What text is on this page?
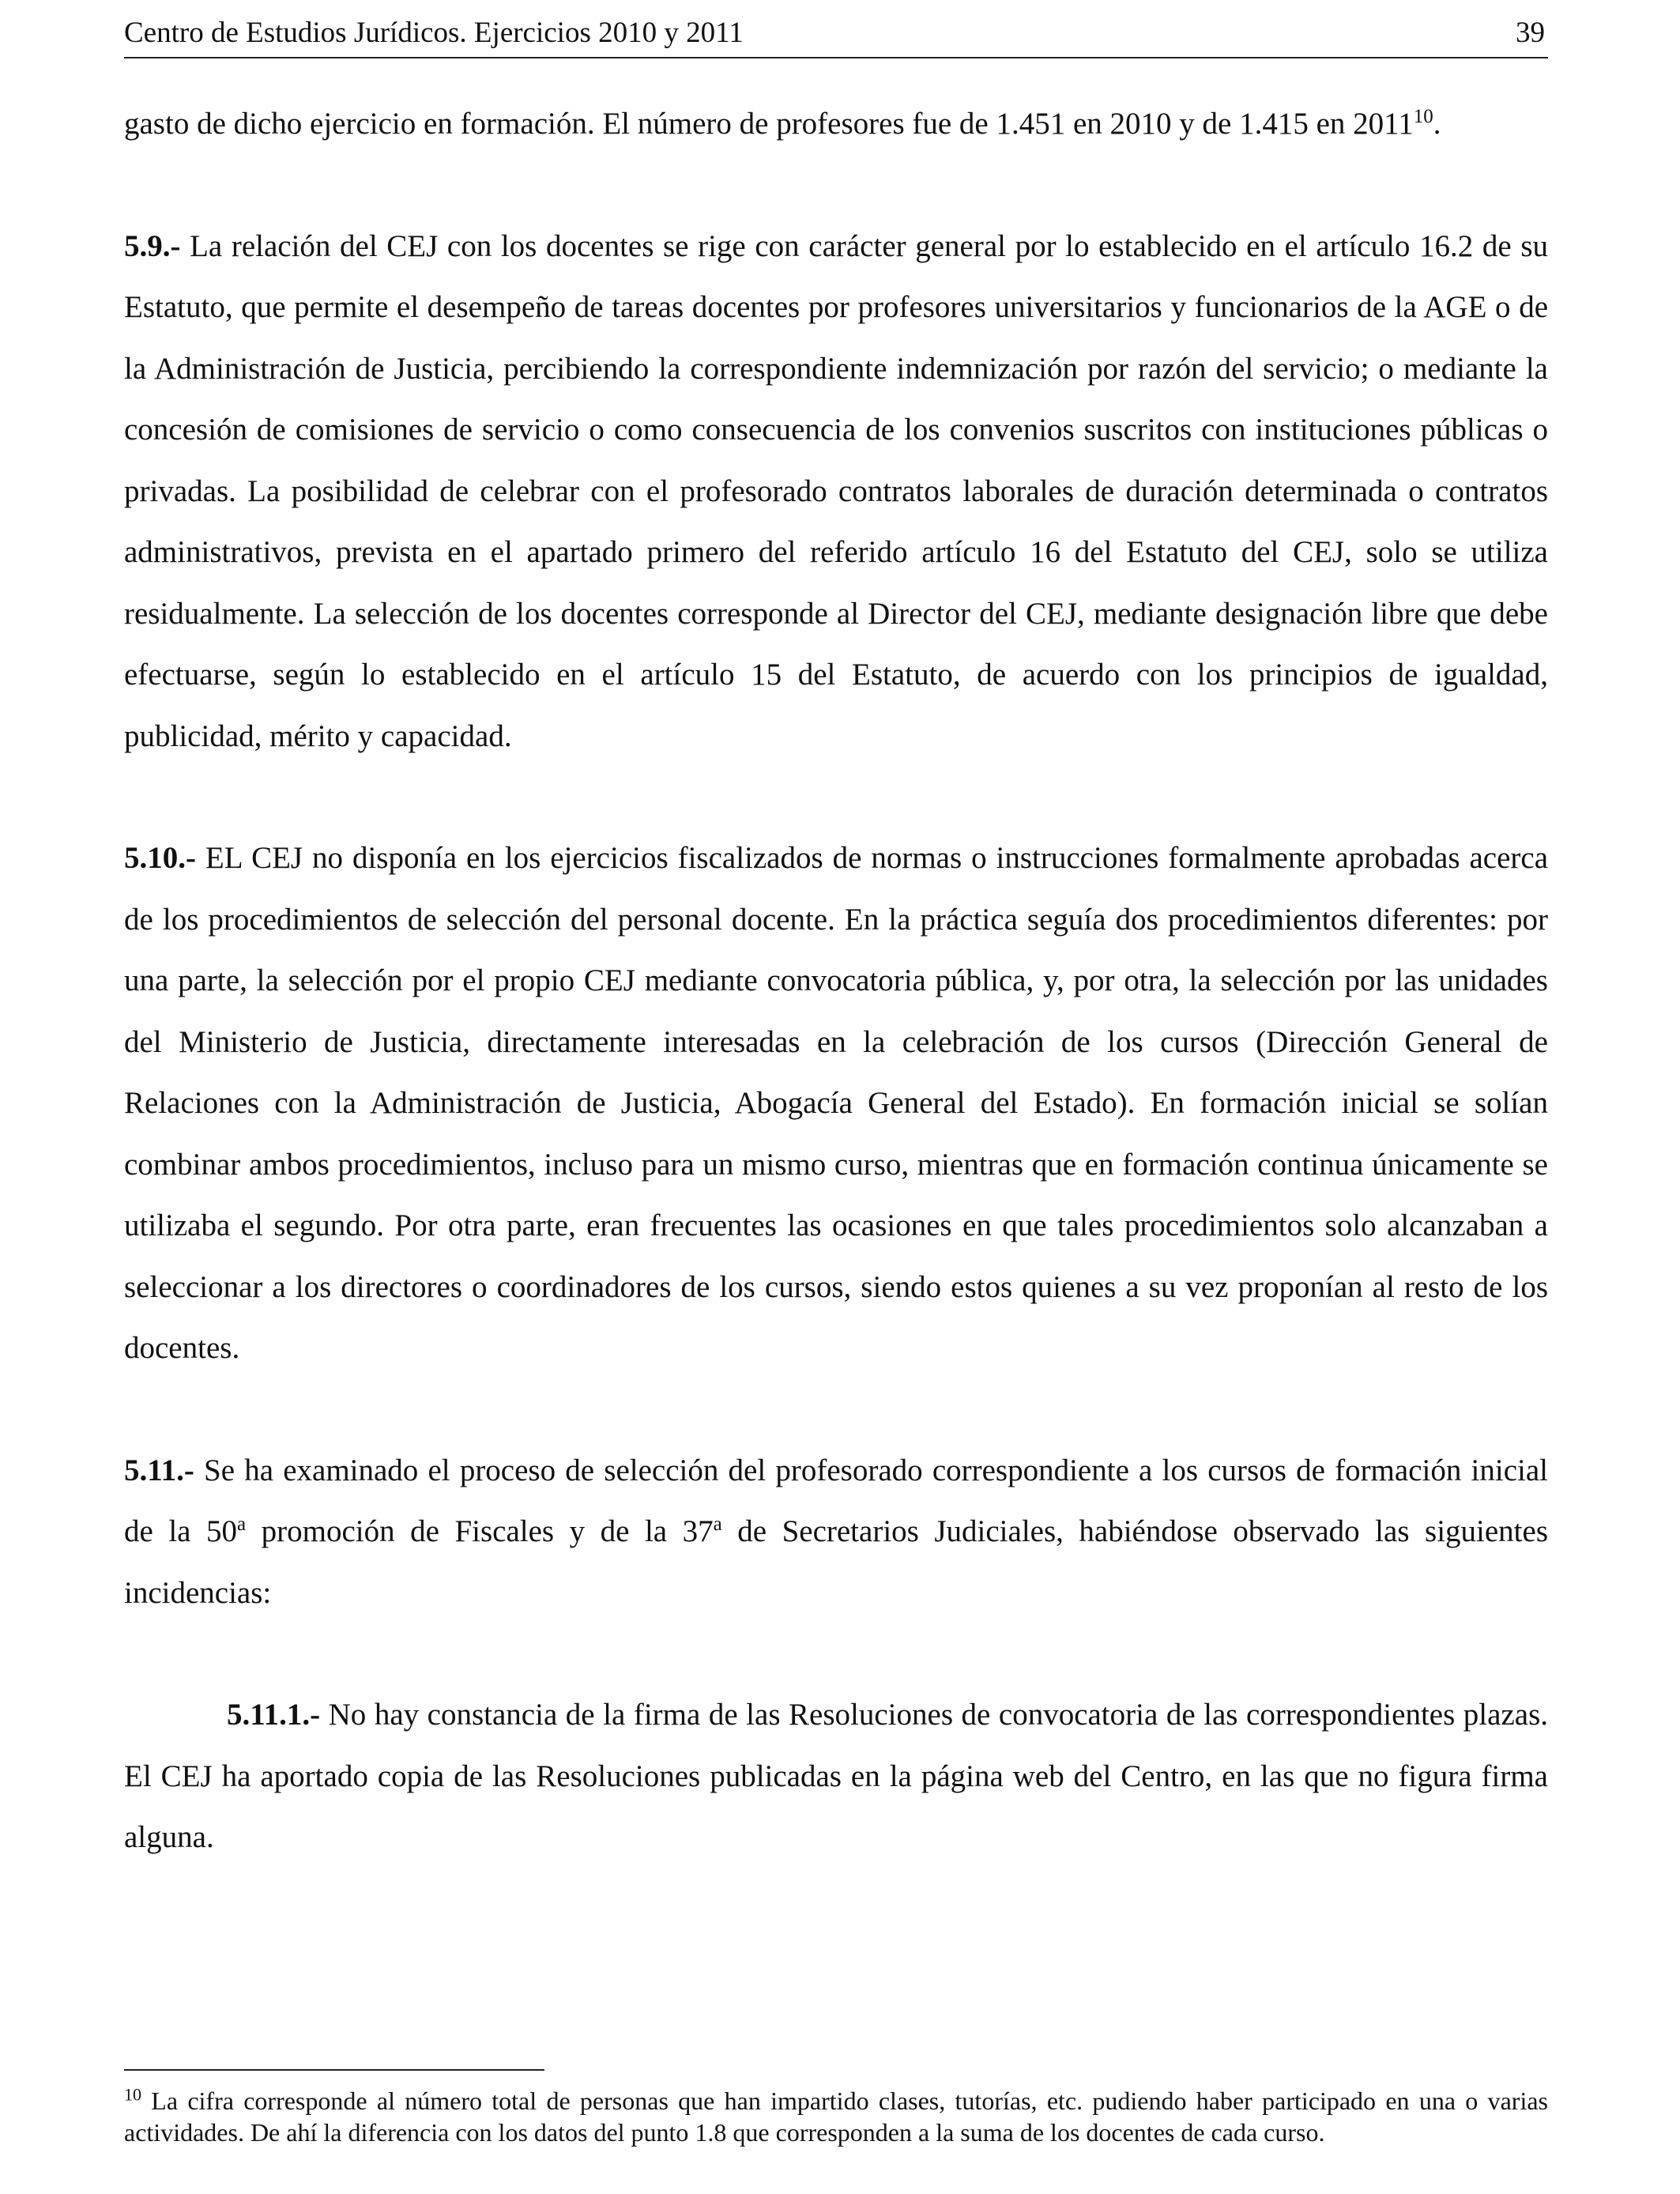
Centro de Estudios Jurídicos. Ejercicios 2010 y 2011	39

gasto de dicho ejercicio en formación. El número de profesores fue de 1.451 en 2010 y de 1.415 en 2011$^{10}$.

5.9.- La relación del CEJ con los docentes se rige con carácter general por lo establecido en el artículo 16.2 de su Estatuto, que permite el desempeño de tareas docentes por profesores universitarios y funcionarios de la AGE o de la Administración de Justicia, percibiendo la correspondiente indemnización por razón del servicio; o mediante la concesión de comisiones de servicio o como consecuencia de los convenios suscritos con instituciones públicas o privadas. La posibilidad de celebrar con el profesorado contratos laborales de duración determinada o contratos administrativos, prevista en el apartado primero del referido artículo 16 del Estatuto del CEJ, solo se utiliza residualmente. La selección de los docentes corresponde al Director del CEJ, mediante designación libre que debe efectuarse, según lo establecido en el artículo 15 del Estatuto, de acuerdo con los principios de igualdad, publicidad, mérito y capacidad.

5.10.- EL CEJ no disponía en los ejercicios fiscalizados de normas o instrucciones formalmente aprobadas acerca de los procedimientos de selección del personal docente. En la práctica seguía dos procedimientos diferentes: por una parte, la selección por el propio CEJ mediante convocatoria pública, y, por otra, la selección por las unidades del Ministerio de Justicia, directamente interesadas en la celebración de los cursos (Dirección General de Relaciones con la Administración de Justicia, Abogacía General del Estado). En formación inicial se solían combinar ambos procedimientos, incluso para un mismo curso, mientras que en formación continua únicamente se utilizaba el segundo. Por otra parte, eran frecuentes las ocasiones en que tales procedimientos solo alcanzaban a seleccionar a los directores o coordinadores de los cursos, siendo estos quienes a su vez proponían al resto de los docentes.

5.11.- Se ha examinado el proceso de selección del profesorado correspondiente a los cursos de formación inicial de la 50$^a$ promoción de Fiscales y de la 37$^a$ de Secretarios Judiciales, habiéndose observado las siguientes incidencias:

5.11.1.- No hay constancia de la firma de las Resoluciones de convocatoria de las correspondientes plazas. El CEJ ha aportado copia de las Resoluciones publicadas en la página web del Centro, en las que no figura firma alguna.

$^{10}$ La cifra corresponde al número total de personas que han impartido clases, tutorías, etc. pudiendo haber participado en una o varias actividades. De ahí la diferencia con los datos del punto 1.8 que corresponden a la suma de los docentes de cada curso.
